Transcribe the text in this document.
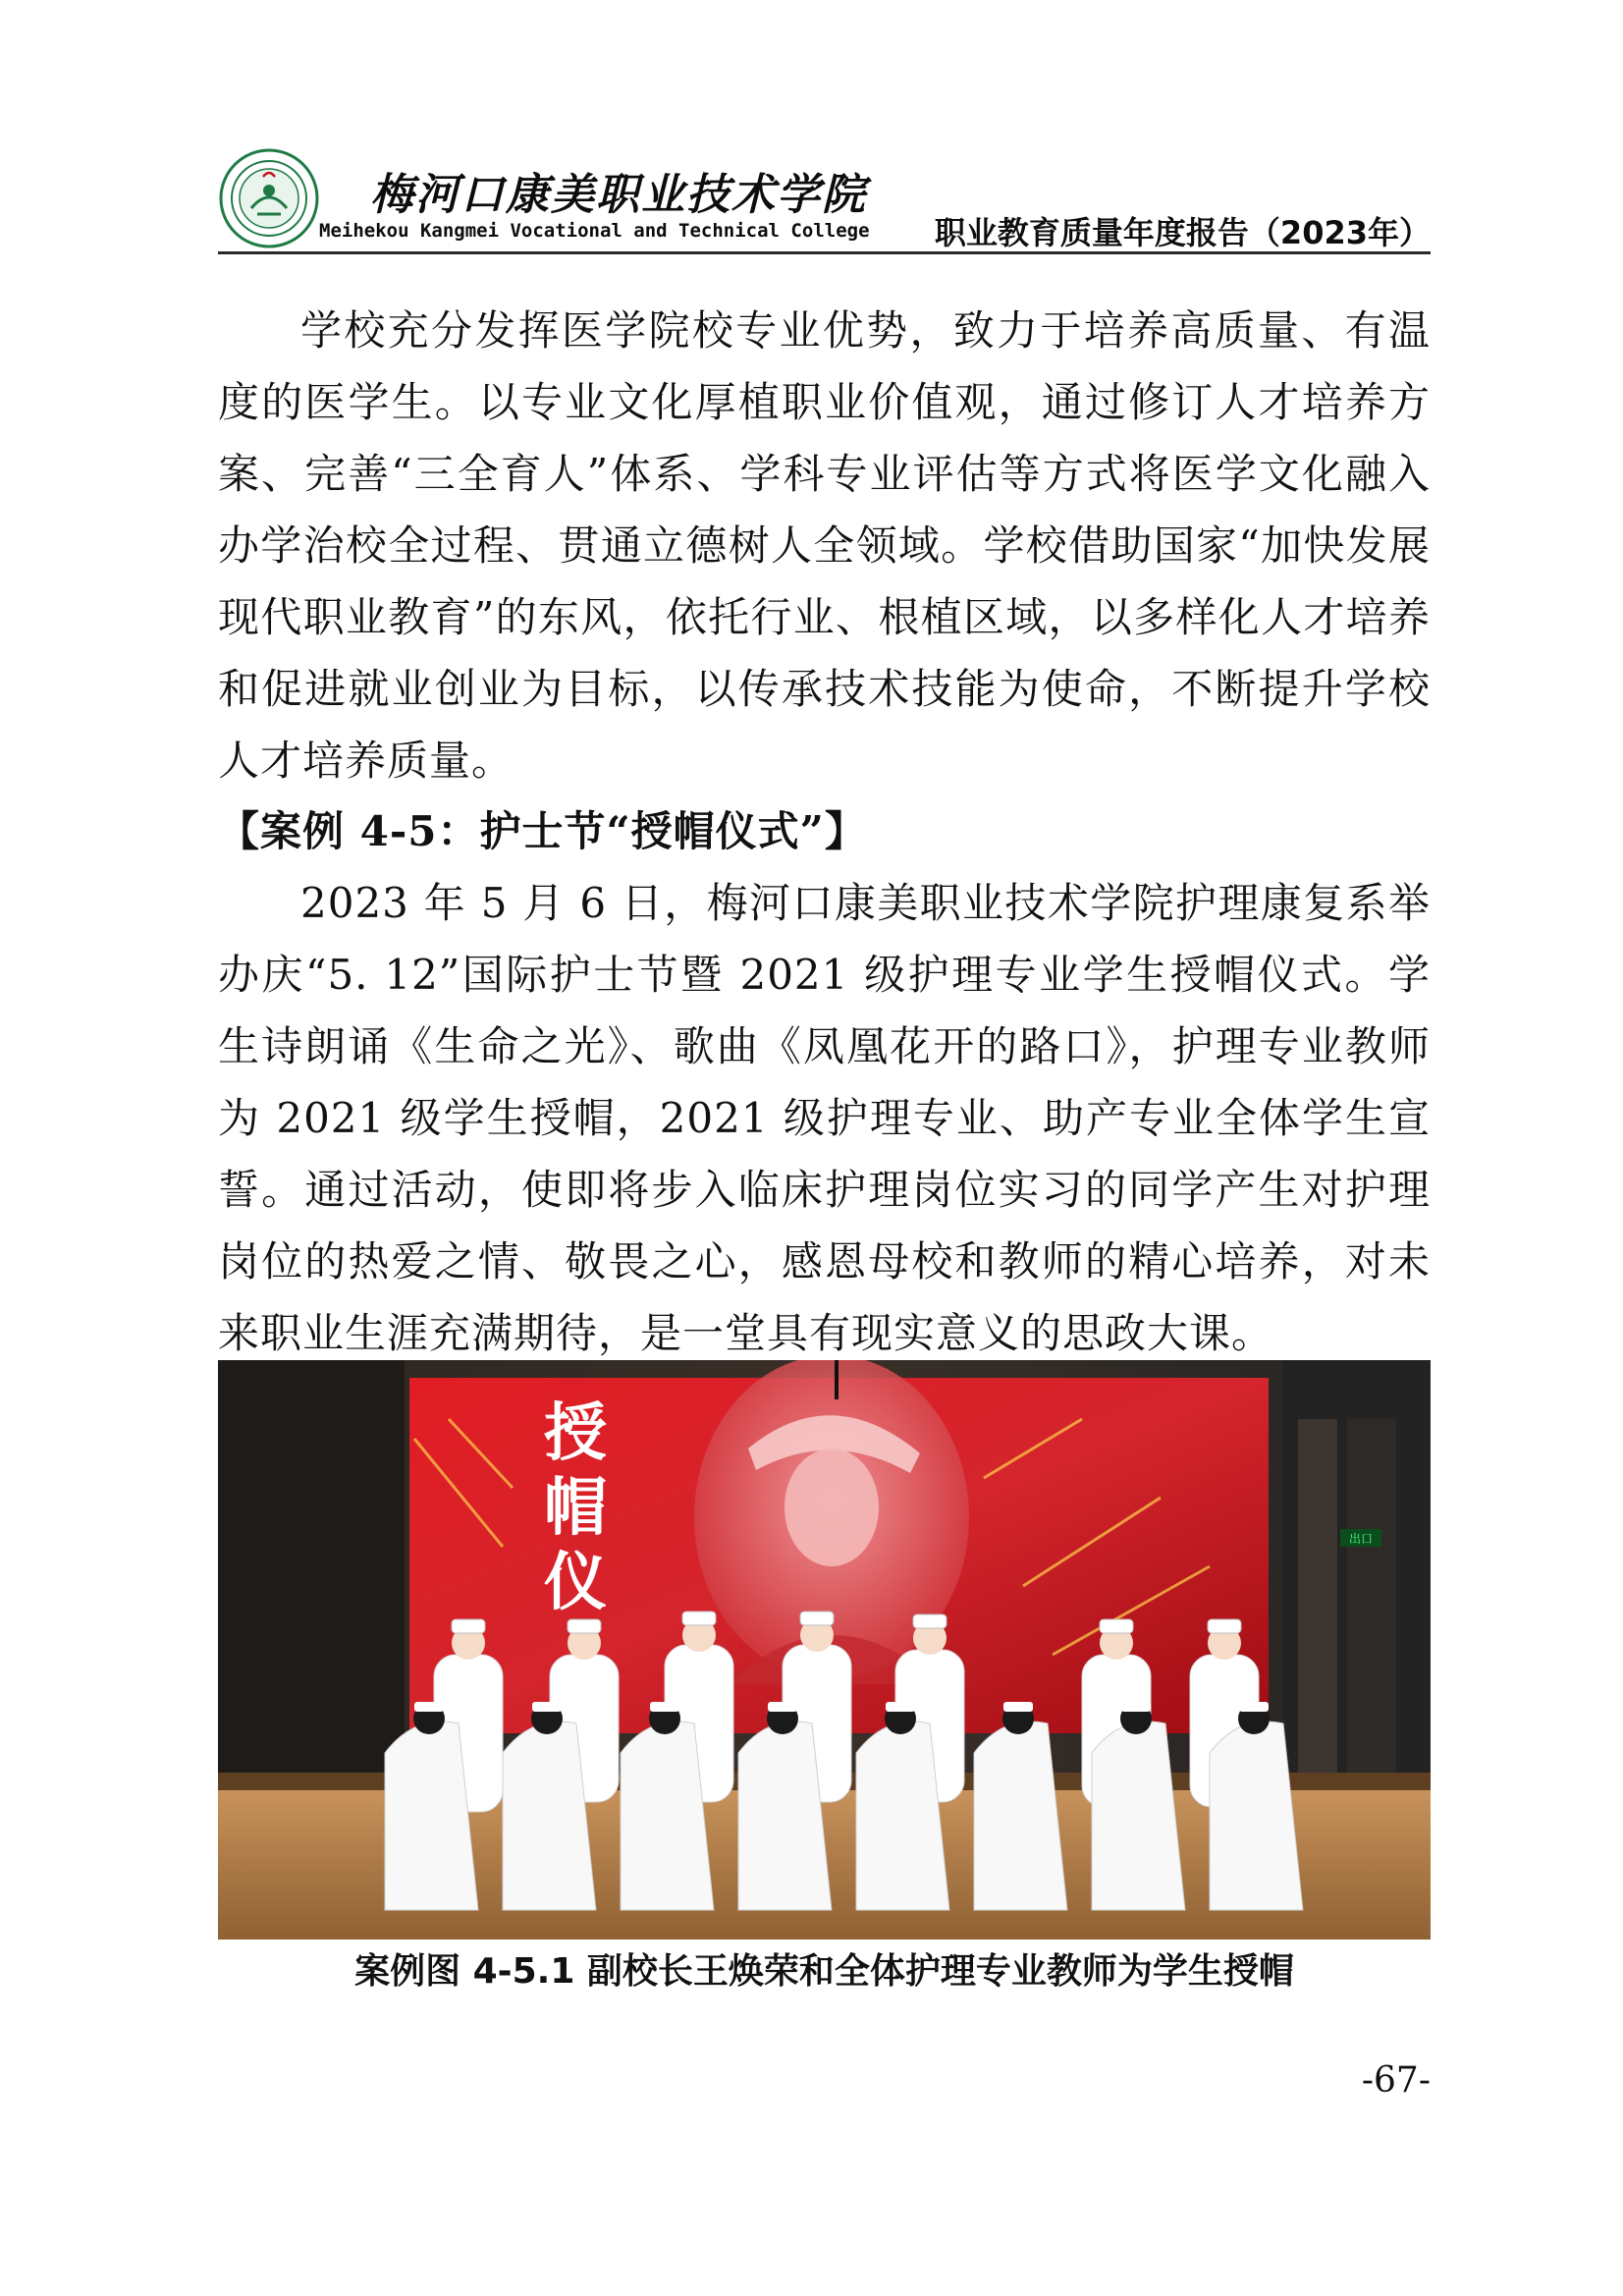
梅河口康美职业技术学院
Meihekou Kangmei Vocational and Technical College 职业教育质量年度报告（2023年）

学校充分发挥医学院校专业优势，致力于培养高质量、有温度的医学生。以专业文化厚植职业价值观，通过修订人才培养方案、完善“三全育人”体系、学科专业评估等方式将医学文化融入办学治校全过程、贯通立德树人全领域。学校借助国家“加快发展现代职业教育”的东风，依托行业、根植区域，以多样化人才培养和促进就业创业为目标，以传承技术技能为使命，不断提升学校人才培养质量。

【案例 4-5：护士节“授帽仪式”】

2023 年 5 月 6 日，梅河口康美职业技术学院护理康复系举办庆“5. 12”国际护士节暨 2021 级护理专业学生授帽仪式。学生诗朗诵《生命之光》、歌曲《凤凰花开的路口》，护理专业教师为 2021 级学生授帽，2021 级护理专业、助产专业全体学生宣誓。通过活动，使即将步入临床护理岗位实习的同学产生对护理岗位的热爱之情、敬畏之心，感恩母校和教师的精心培养，对未来职业生涯充满期待，是一堂具有现实意义的思政大课。

授
帽
仪
出口
案例图 4-5.1 副校长王焕荣和全体护理专业教师为学生授帽
-67-
